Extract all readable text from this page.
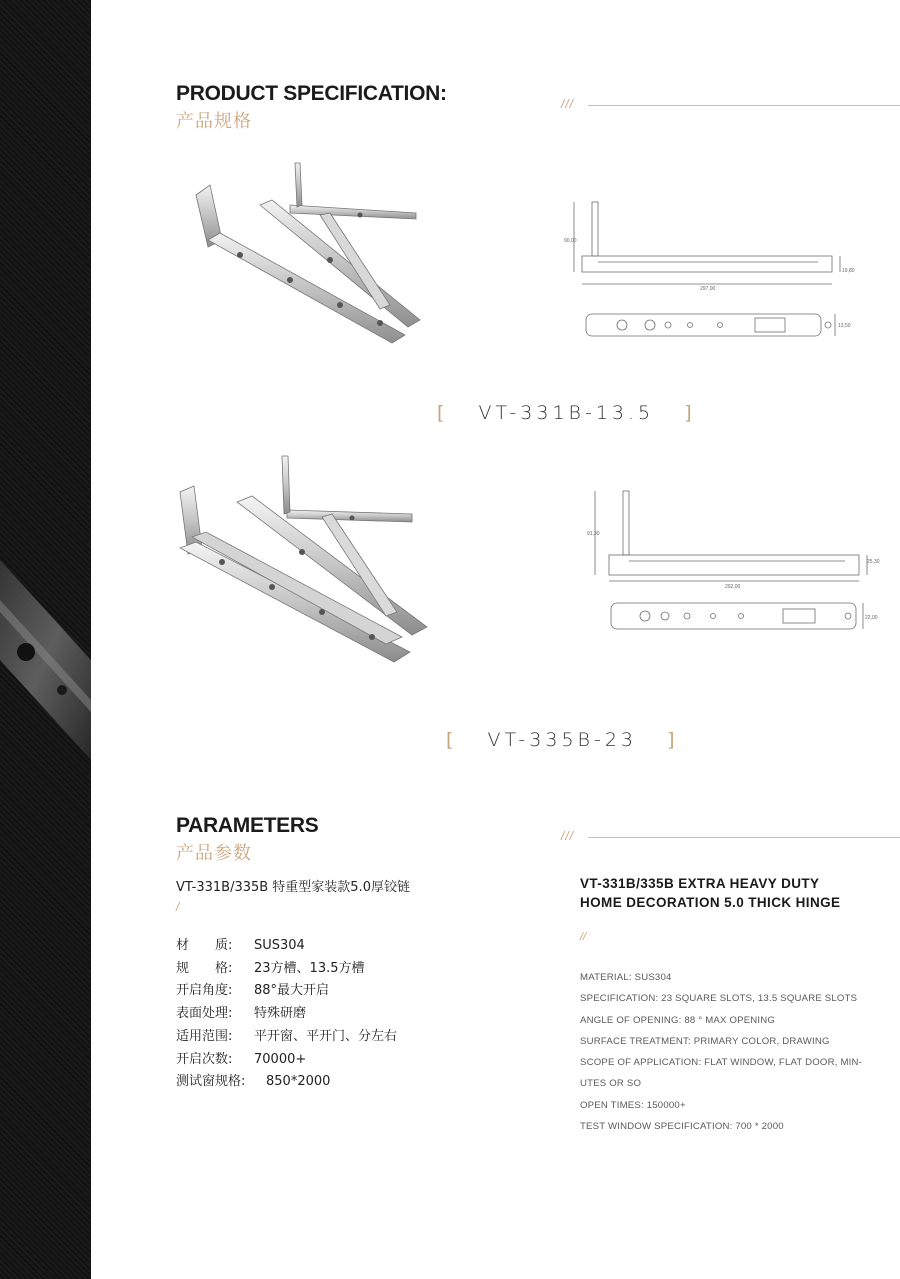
PRODUCT SPECIFICATION:
产品规格
///
90,00
297,00
19,80
13,50
[ VT-331B-13.5 ]
91,30
292,00
25,30
22,00
[ VT-335B-23 ]
PARAMETERS
产品参数
///
VT-331B/335B 特重型家装款5.0厚铰链
/
材　　质: SUS304
规　　格: 23方槽、13.5方槽
开启角度: 88°最大开启
表面处理: 特殊研磨
适用范围: 平开窗、平开门、分左右
开启次数: 70000+
测试窗规格: 850*2000
VT-331B/335B EXTRA HEAVY DUTY
HOME DECORATION 5.0 THICK HINGE
//
MATERIAL: SUS304
SPECIFICATION: 23 SQUARE SLOTS, 13.5 SQUARE SLOTS
ANGLE OF OPENING: 88 ° MAX OPENING
SURFACE TREATMENT: PRIMARY COLOR, DRAWING
SCOPE OF APPLICATION: FLAT WINDOW, FLAT DOOR, MIN-
UTES OR SO
OPEN TIMES: 150000+
TEST WINDOW SPECIFICATION: 700 * 2000
